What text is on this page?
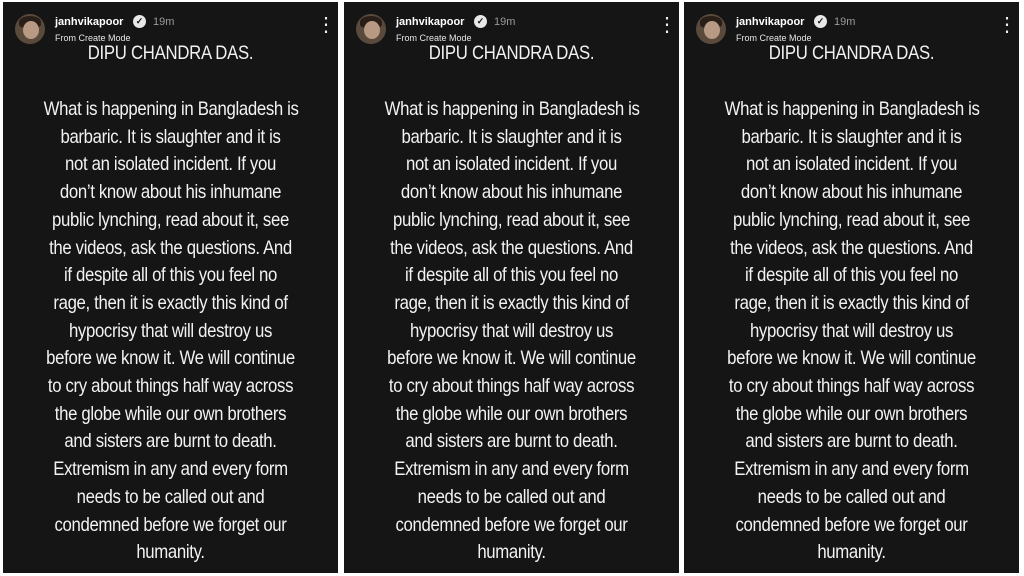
janhvikapoor	✓ 19m
From Create Mode
⋮
DIPU CHANDRA DAS.
What is happening in Bangladesh is
barbaric. It is slaughter and it is
not an isolated incident. If you
don’t know about his inhumane
public lynching, read about it, see
the videos, ask the questions. And
if despite all of this you feel no
rage, then it is exactly this kind of
hypocrisy that will destroy us
before we know it. We will continue
to cry about things half way across
the globe while our own brothers
and sisters are burnt to death.
Extremism in any and every form
needs to be called out and
condemned before we forget our
humanity.
janhvikapoor	✓ 19m
From Create Mode
⋮
DIPU CHANDRA DAS.
What is happening in Bangladesh is
barbaric. It is slaughter and it is
not an isolated incident. If you
don’t know about his inhumane
public lynching, read about it, see
the videos, ask the questions. And
if despite all of this you feel no
rage, then it is exactly this kind of
hypocrisy that will destroy us
before we know it. We will continue
to cry about things half way across
the globe while our own brothers
and sisters are burnt to death.
Extremism in any and every form
needs to be called out and
condemned before we forget our
humanity.
janhvikapoor	✓ 19m
From Create Mode
⋮
DIPU CHANDRA DAS.
What is happening in Bangladesh is
barbaric. It is slaughter and it is
not an isolated incident. If you
don’t know about his inhumane
public lynching, read about it, see
the videos, ask the questions. And
if despite all of this you feel no
rage, then it is exactly this kind of
hypocrisy that will destroy us
before we know it. We will continue
to cry about things half way across
the globe while our own brothers
and sisters are burnt to death.
Extremism in any and every form
needs to be called out and
condemned before we forget our
humanity.
